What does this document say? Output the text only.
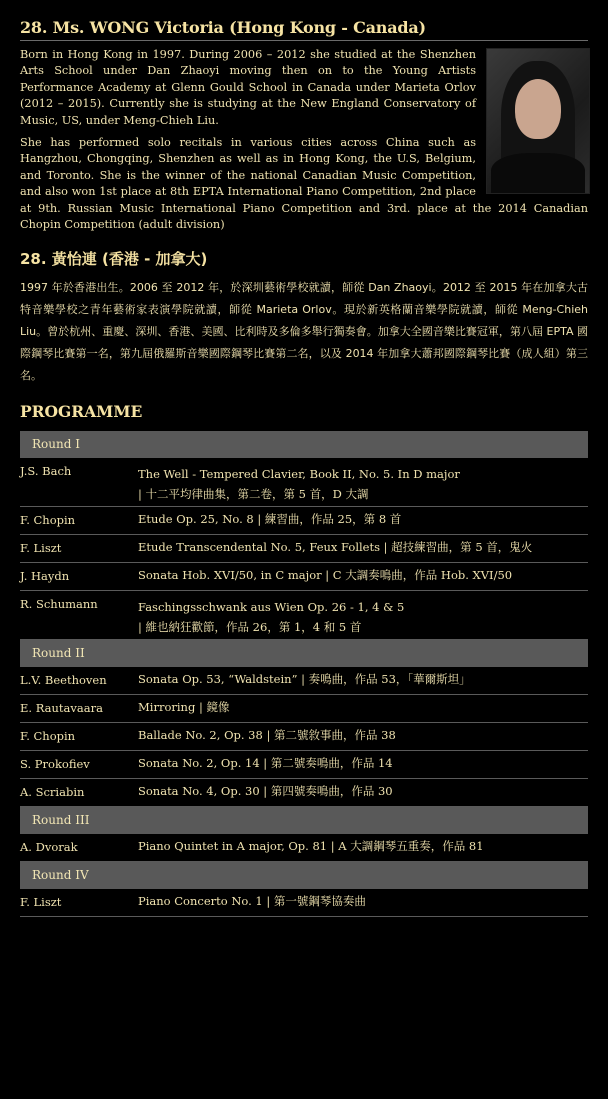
28. Ms. WONG Victoria (Hong Kong - Canada)

Born in Hong Kong in 1997. During 2006 – 2012 she studied at the Shenzhen Arts School under Dan Zhaoyi moving then on to the Young Artists Performance Academy at Glenn Gould School in Canada under Marieta Orlov (2012 – 2015). Currently she is studying at the New England Conservatory of Music, US, under Meng-Chieh Liu.

She has performed solo recitals in various cities across China such as Hangzhou, Chongqing, Shenzhen as well as in Hong Kong, the U.S, Belgium, and Toronto. She is the winner of the national Canadian Music Competition, and also won 1st place at 8th EPTA International Piano Competition, 2nd place at 9th. Russian Music International Piano Competition and 3rd. place at the 2014 Canadian Chopin Competition (adult division)

28. 黃怡連 (香港 - 加拿大)
1997 年於香港出生。2006 至 2012 年，於深圳藝術學校就讀，師從 Dan Zhaoyi。2012 至 2015 年在加拿大古特音樂學校之青年藝術家表演學院就讀，師從 Marieta Orlov。現於新英格蘭音樂學院就讀，師從 Meng-Chieh Liu。曾於杭州、重慶、深圳、香港、美國、比利時及多倫多舉行獨奏會。加拿大全國音樂比賽冠軍，第八屆 EPTA 國際鋼琴比賽第一名，第九屆俄羅斯音樂國際鋼琴比賽第二名，以及 2014 年加拿大蕭邦國際鋼琴比賽（成人組）第三名。
PROGRAMME
Round I
J.S. Bach	The Well - Tempered Clavier, Book II, No. 5. In D major
| 十二平均律曲集，第二卷，第 5 首，D 大調
F. Chopin	Etude Op. 25, No. 8 | 練習曲，作品 25，第 8 首
F. Liszt	Etude Transcendental No. 5, Feux Follets | 超技練習曲，第 5 首，鬼火
J. Haydn	Sonata Hob. XVI/50, in C major | C 大調奏鳴曲，作品 Hob. XVI/50
R. Schumann	Faschingsschwank aus Wien Op. 26 - 1, 4 & 5
| 維也納狂歡節，作品 26，第 1，4 和 5 首
Round II
L.V. Beethoven	Sonata Op. 53, “Waldstein” | 奏鳴曲，作品 53，「華爾斯坦」
E. Rautavaara	Mirroring | 鏡像
F. Chopin	Ballade No. 2, Op. 38 | 第二號敘事曲，作品 38
S. Prokofiev	Sonata No. 2, Op. 14 | 第二號奏鳴曲，作品 14
A. Scriabin	Sonata No. 4, Op. 30 | 第四號奏鳴曲，作品 30
Round III
A. Dvorak	Piano Quintet in A major, Op. 81 | A 大調鋼琴五重奏，作品 81
Round IV
F. Liszt	Piano Concerto No. 1 | 第一號鋼琴協奏曲
